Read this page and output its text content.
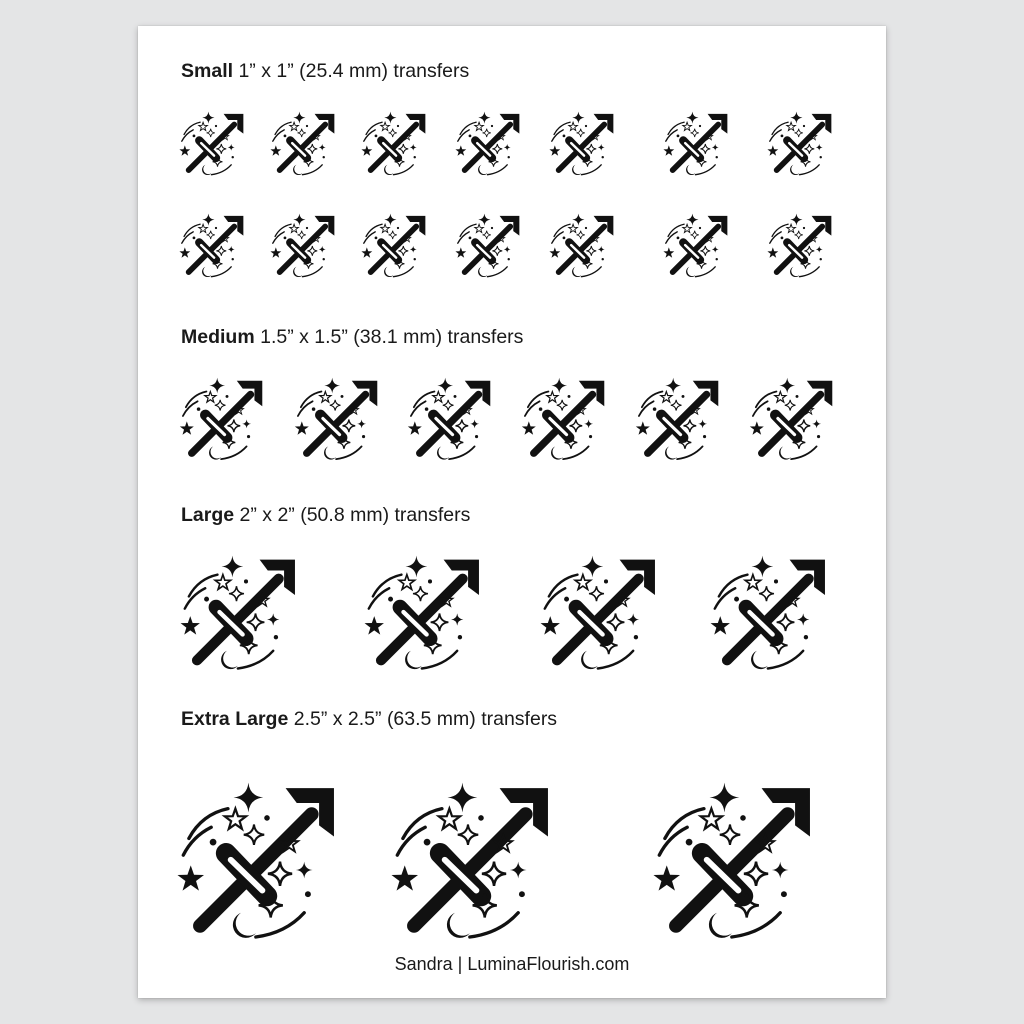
Small 1” x 1” (25.4 mm) transfers
Medium 1.5” x 1.5” (38.1 mm) transfers
Large 2” x 2” (50.8 mm) transfers
Extra Large 2.5” x 2.5” (63.5 mm) transfers
Sandra | LuminaFlourish.com
